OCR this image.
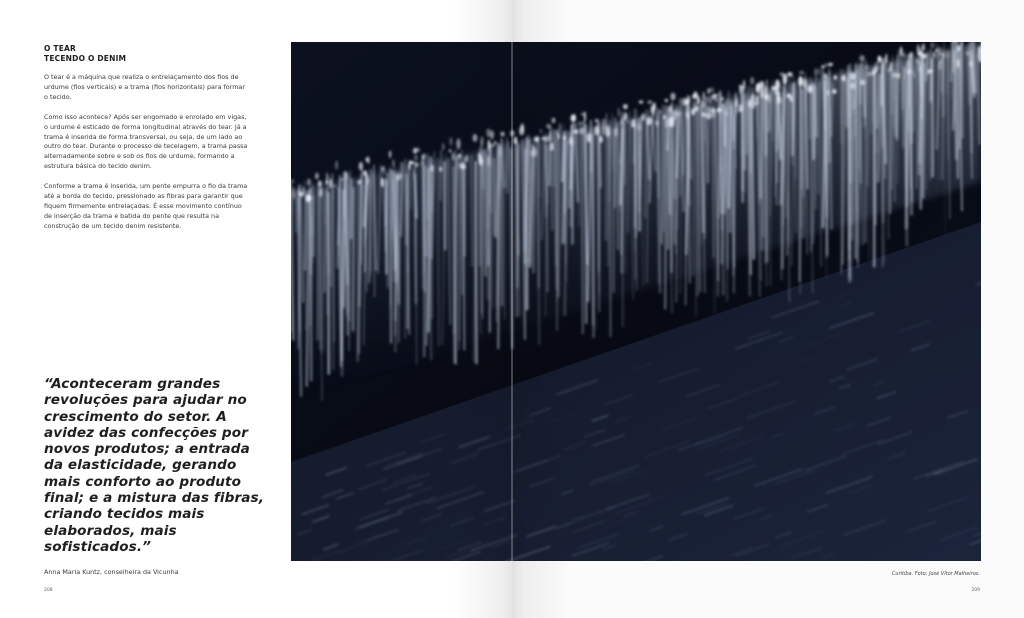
O TEAR
TECENDO O DENIM

O tear é a máquina que realiza o entrelaçamento dos fios de urdume (fios verticais) e a trama (fios horizontais) para formar o tecido.

Como isso acontece? Após ser engomado e enrolado em vigas, o urdume é esticado de forma longitudinal através do tear. Já a trama é inserida de forma transversal, ou seja, de um lado ao outro do tear. Durante o processo de tecelagem, a trama passa alternadamente sobre e sob os fios de urdume, formando a estrutura básica do tecido denim.

Conforme a trama é inserida, um pente empurra o fio da trama até a borda do tecido, pressionado as fibras para garantir que fiquem firmemente entrelaçadas. É esse movimento contínuo de inserção da trama e batida do pente que resulta na construção de um tecido denim resistente.

“Aconteceram grandes revoluções para ajudar no crescimento do setor. A avidez das confecções por novos produtos; a entrada da elasticidade, gerando mais conforto ao produto final; e a mistura das fibras, criando tecidos mais elaborados, mais sofisticados.”
Anna Maria Kuntz, conselheira da Vicunha
208
Curitiba. Foto: José Vítor Malheiros.
209
